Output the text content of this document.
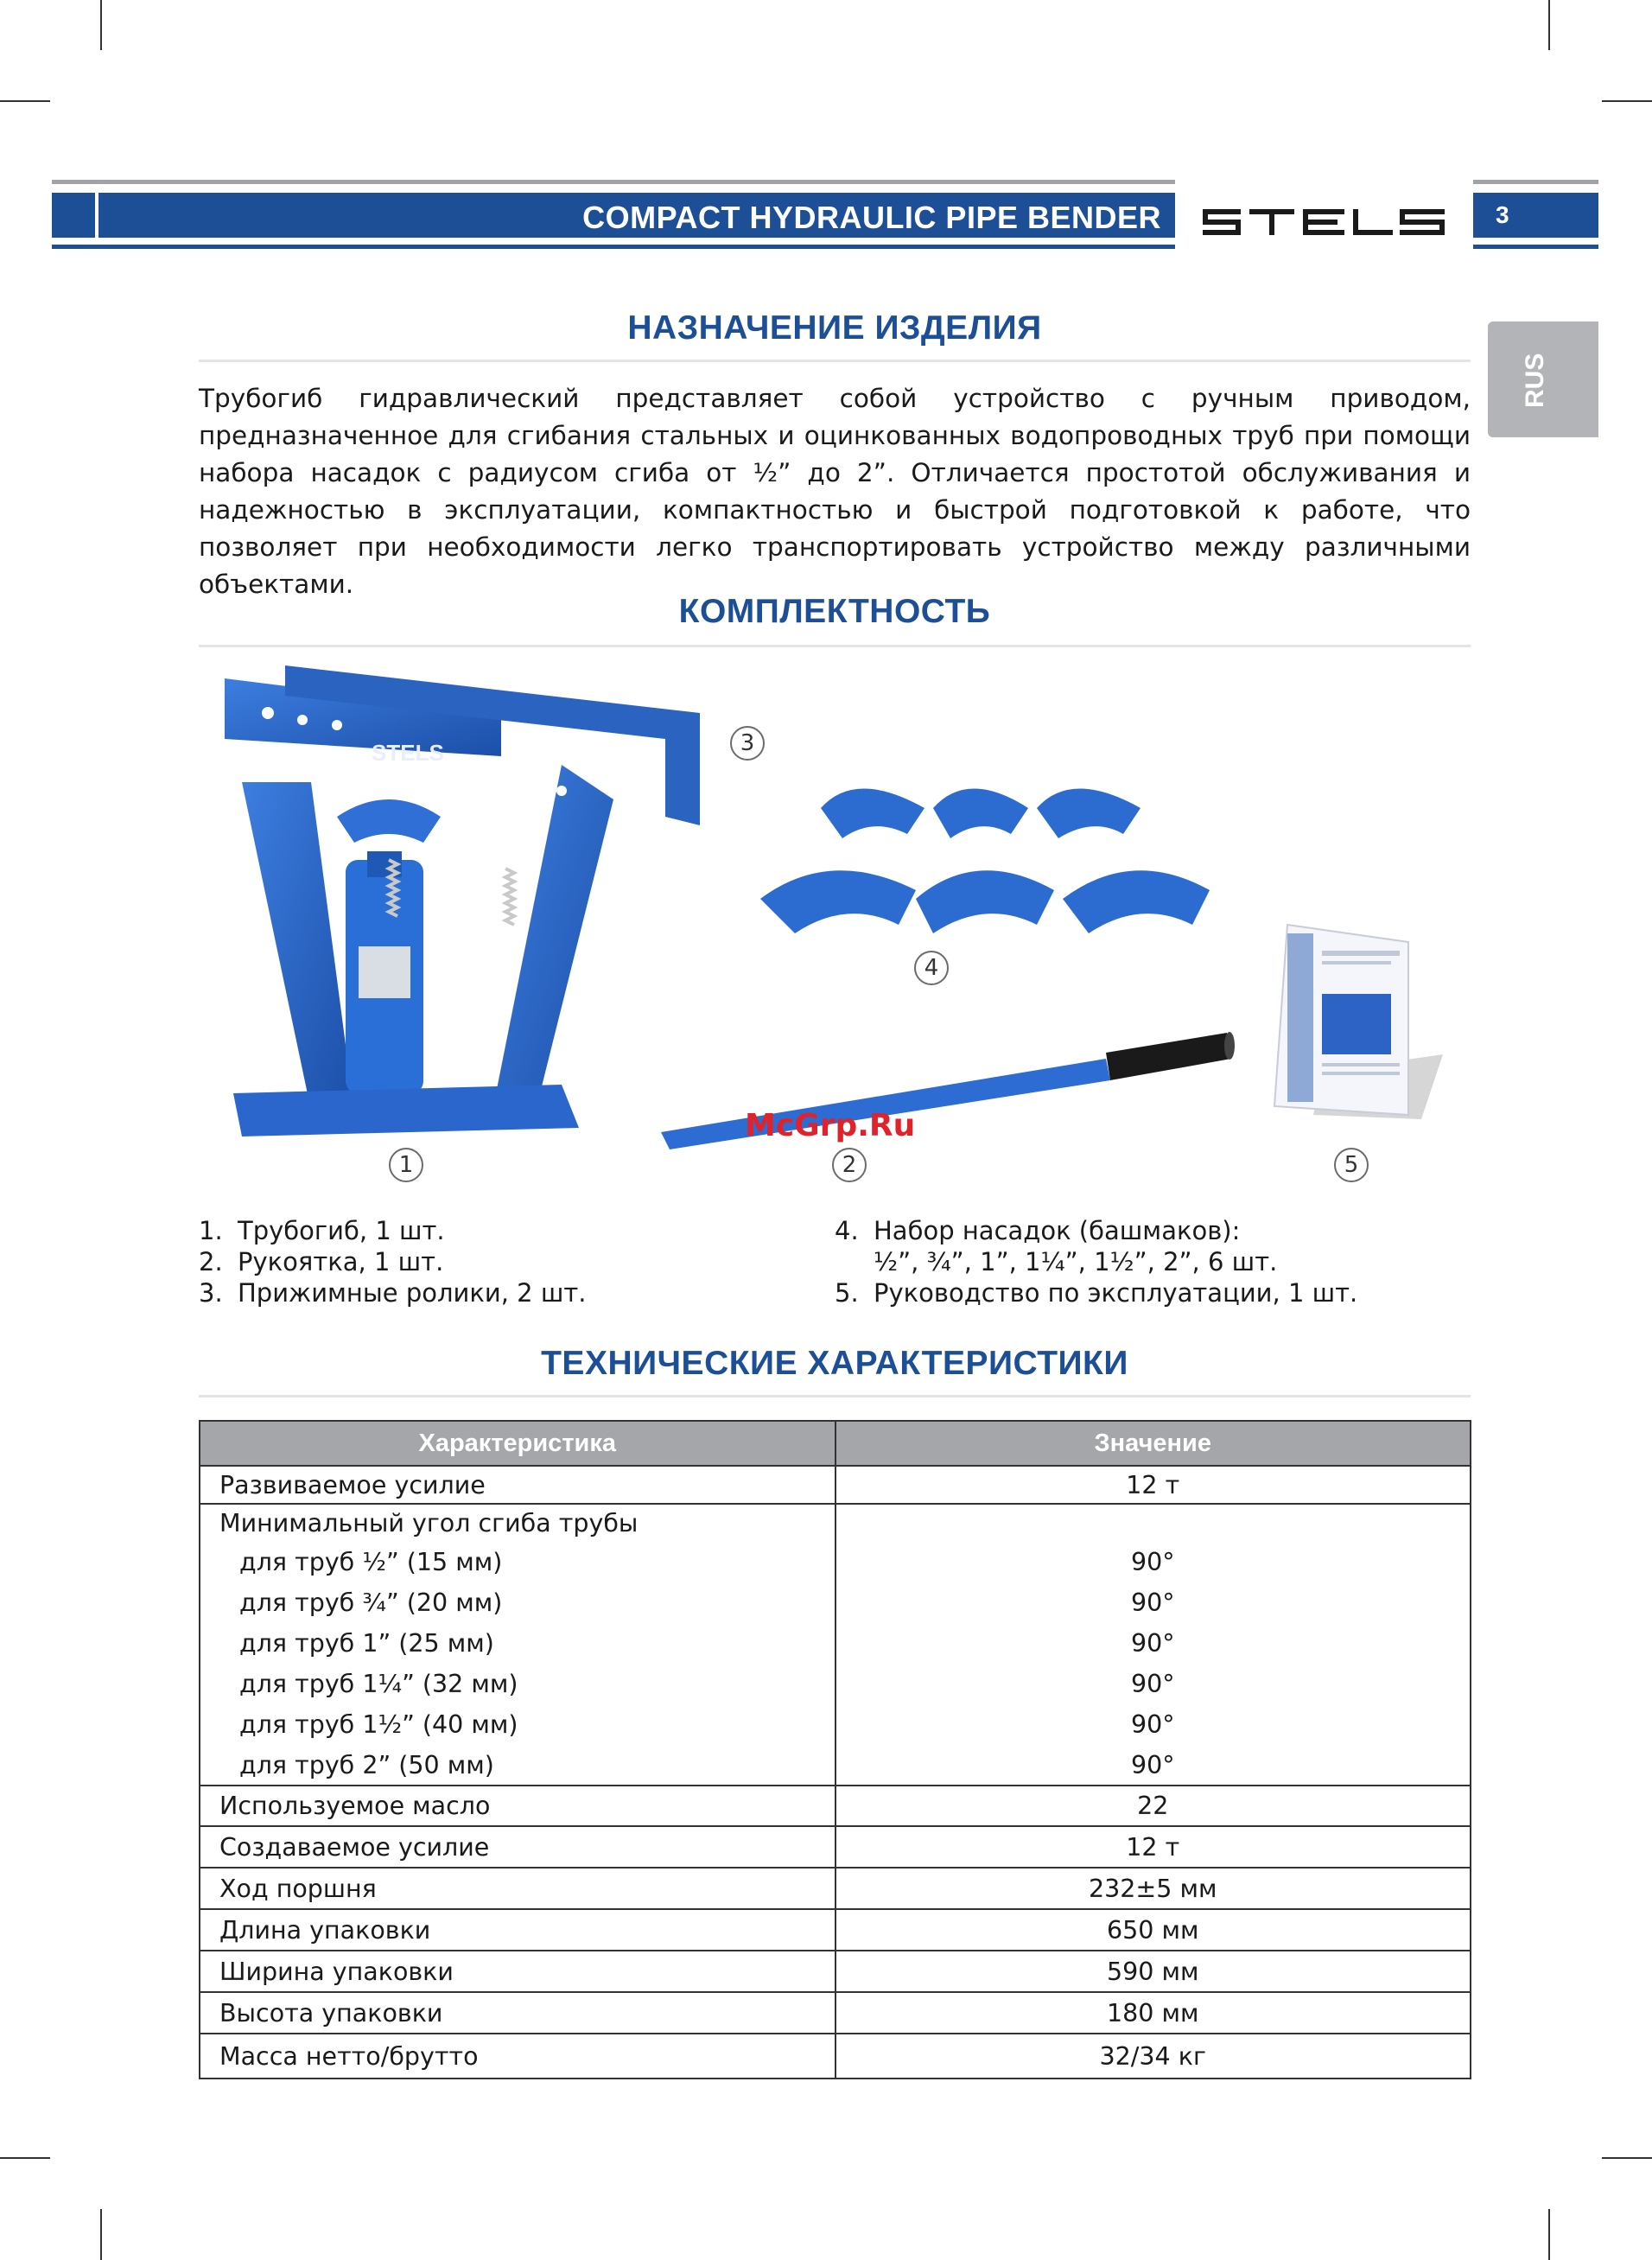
COMPACT HYDRAULIC PIPE BENDER	3
RUS
НАЗНАЧЕНИЕ ИЗДЕЛИЯ
Трубогиб гидравлический представляет собой устройство с ручным приводом, предназначенное для сгибания стальных и оцинкованных водопроводных труб при помощи набора насадок с радиусом сгиба от ½” до 2”. Отличается простотой обслуживания и надежностью в эксплуатации, компактностью и быстрой подготовкой к работе, что позволяет при необходимости легко транспортировать устройство между различными объектами.
КОМПЛЕКТНОСТЬ
STELS
McGrp.Ru
1	2
3
4
5
1. Трубогиб, 1 шт.
2. Рукоятка, 1 шт.
3. Прижимные ролики, 2 шт.
4. Набор насадок (башмаков):
½”, ¾”, 1”, 1¼”, 1½”, 2”, 6 шт.
5. Руководство по эксплуатации, 1 шт.
ТЕХНИЧЕСКИЕ ХАРАКТЕРИСТИКИ
Характеристика	Значение
Развиваемое усилие	12 т
Минимальный угол сгиба трубы	
для труб ½” (15 мм)	90°
для труб ¾” (20 мм)	90°
для труб 1” (25 мм)	90°
для труб 1¼” (32 мм)	90°
для труб 1½” (40 мм)	90°
для труб 2” (50 мм)	90°
Используемое масло	22
Создаваемое усилие	12 т
Ход поршня	232±5 мм
Длина упаковки	650 мм
Ширина упаковки	590 мм
Высота упаковки	180 мм
Масса нетто/брутто	32/34 кг
